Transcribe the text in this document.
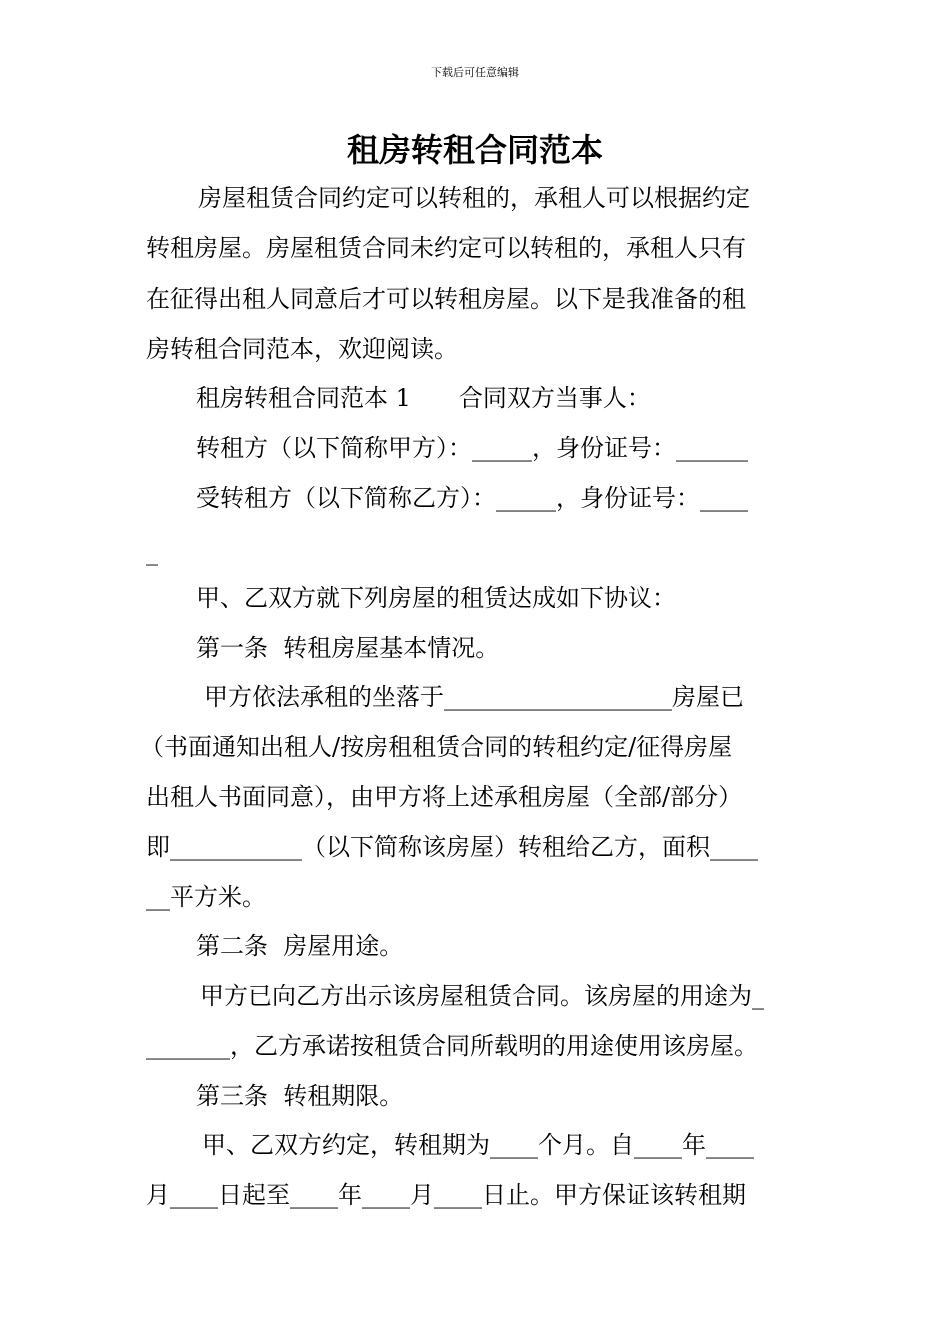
下载后可任意编辑
租房转租合同范本
房屋租赁合同约定可以转租的，承租人可以根据约定
转租房屋。房屋租赁合同未约定可以转租的，承租人只有
在征得出租人同意后才可以转租房屋。以下是我准备的租
房转租合同范本，欢迎阅读。
租房转租合同范本 1　　合同双方当事人：
转租方（以下简称甲方）：_____，身份证号：______
受转租方（以下简称乙方）：_____，身份证号：____
_
甲、乙双方就下列房屋的租赁达成如下协议：
第一条  转租房屋基本情况。
甲方依法承租的坐落于___________________房屋已
（书面通知出租人/按房租租赁合同的转租约定/征得房屋
出租人书面同意），由甲方将上述承租房屋（全部/部分）
即___________（以下简称该房屋）转租给乙方，面积____
__平方米。
第二条  房屋用途。
甲方已向乙方出示该房屋租赁合同。该房屋的用途为_
_______，乙方承诺按租赁合同所载明的用途使用该房屋。
第三条  转租期限。
甲、乙双方约定，转租期为____个月。自____年____
月____日起至____年____月____日止。甲方保证该转租期
